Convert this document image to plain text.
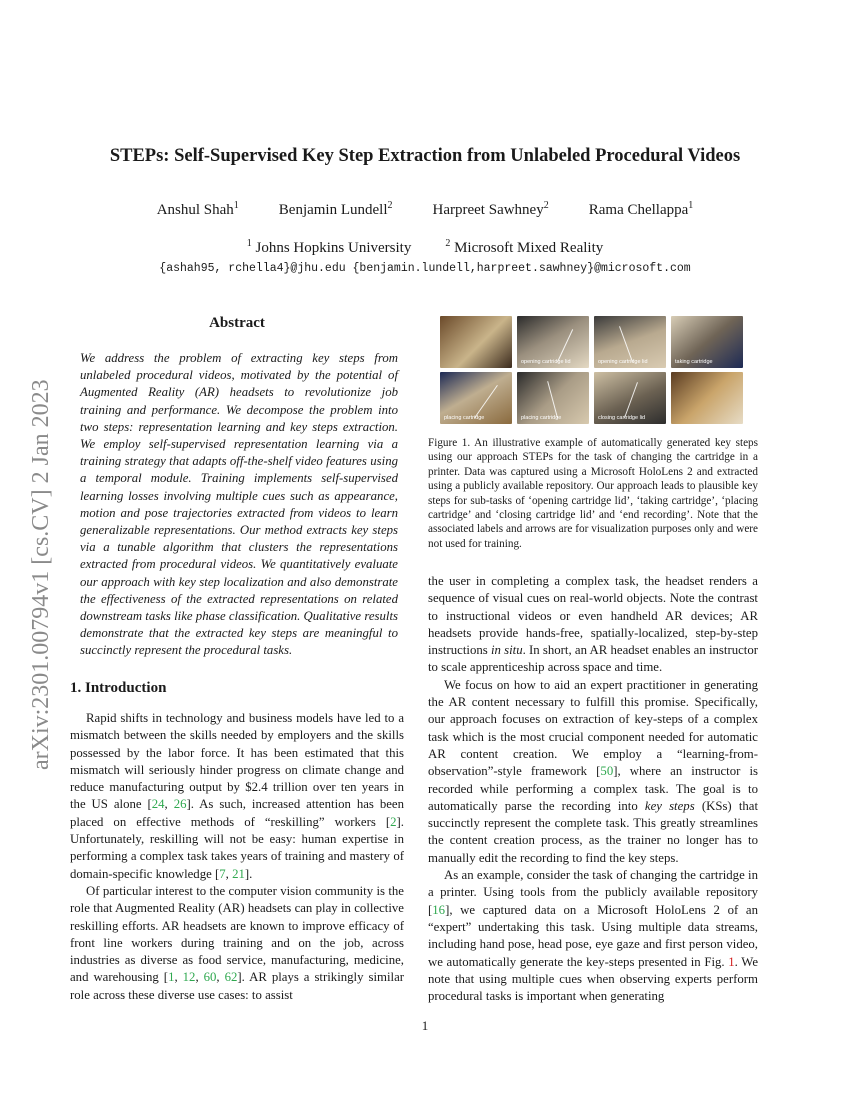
STEPs: Self-Supervised Key Step Extraction from Unlabeled Procedural Videos
Anshul Shah$^1$	Benjamin Lundell$^2$	Harpreet Sawhney$^2$	Rama Chellappa$^1$
$^1$ Johns Hopkins University	$^2$ Microsoft Mixed Reality
{ashah95, rchella4}@jhu.edu {benjamin.lundell,harpreet.sawhney}@microsoft.com
arXiv:2301.00794v1 [cs.CV] 2 Jan 2023
Abstract
We address the problem of extracting key steps from unlabeled procedural videos, motivated by the potential of Augmented Reality (AR) headsets to revolutionize job training and performance. We decompose the problem into two steps: representation learning and key steps extraction. We employ self-supervised representation learning via a training strategy that adapts off-the-shelf video features using a temporal module. Training implements self-supervised learning losses involving multiple cues such as appearance, motion and pose trajectories extracted from videos to learn generalizable representations. Our method extracts key steps via a tunable algorithm that clusters the representations extracted from procedural videos. We quantitatively evaluate our approach with key step localization and also demonstrate the effectiveness of the extracted representations on related downstream tasks like phase classification. Qualitative results demonstrate that the extracted key steps are meaningful to succinctly represent the procedural tasks.
1. Introduction

Rapid shifts in technology and business models have led to a mismatch between the skills needed by employers and the skills possessed by the labor force. It has been estimated that this mismatch will seriously hinder progress on climate change and reduce manufacturing output by $2.4 trillion over ten years in the US alone [24, 26]. As such, increased attention has been placed on effective methods of “reskilling” workers [2]. Unfortunately, reskilling will not be easy: human expertise in performing a complex task takes years of training and mastery of domain-specific knowledge [7, 21].

Of particular interest to the computer vision community is the role that Augmented Reality (AR) headsets can play in collective reskilling efforts. AR headsets are known to improve efficacy of front line workers during training and on the job, across industries as diverse as food service, manufacturing, medicine, and warehousing [1, 12, 60, 62]. AR plays a strikingly similar role across these diverse use cases: to assist

opening cartridge lid	opening cartridge lid	taking cartridge
placing cartridge	placing cartridge	closing cartridge lid
Figure 1. An illustrative example of automatically generated key steps using our approach STEPs for the task of changing the cartridge in a printer. Data was captured using a Microsoft HoloLens 2 and extracted using a publicly available repository. Our approach leads to plausible key steps for sub-tasks of ‘opening cartridge lid’, ‘taking cartridge’, ‘placing cartridge’ and ‘closing cartridge lid’ and ‘end recording’. Note that the associated labels and arrows are for visualization purposes only and were not used for training.

the user in completing a complex task, the headset renders a sequence of visual cues on real-world objects. Note the contrast to instructional videos or even handheld AR devices; AR headsets provide hands-free, spatially-localized, step-by-step instructions in situ. In short, an AR headset enables an instructor to scale apprenticeship across space and time.

We focus on how to aid an expert practitioner in generating the AR content necessary to fulfill this promise. Specifically, our approach focuses on extraction of key-steps of a complex task which is the most crucial component needed for automatic AR content creation. We employ a “learning-from-observation”-style framework [50], where an instructor is recorded while performing a complex task. The goal is to automatically parse the recording into key steps (KSs) that succinctly represent the complete task. This greatly streamlines the content creation process, as the trainer no longer has to manually edit the recording to find the key steps.

As an example, consider the task of changing the cartridge in a printer. Using tools from the publicly available repository [16], we captured data on a Microsoft HoloLens 2 of an “expert” undertaking this task. Using multiple data streams, including hand pose, head pose, eye gaze and first person video, we automatically generate the key-steps presented in Fig. 1. We note that using multiple cues when observing experts perform procedural tasks is important when generating

1
